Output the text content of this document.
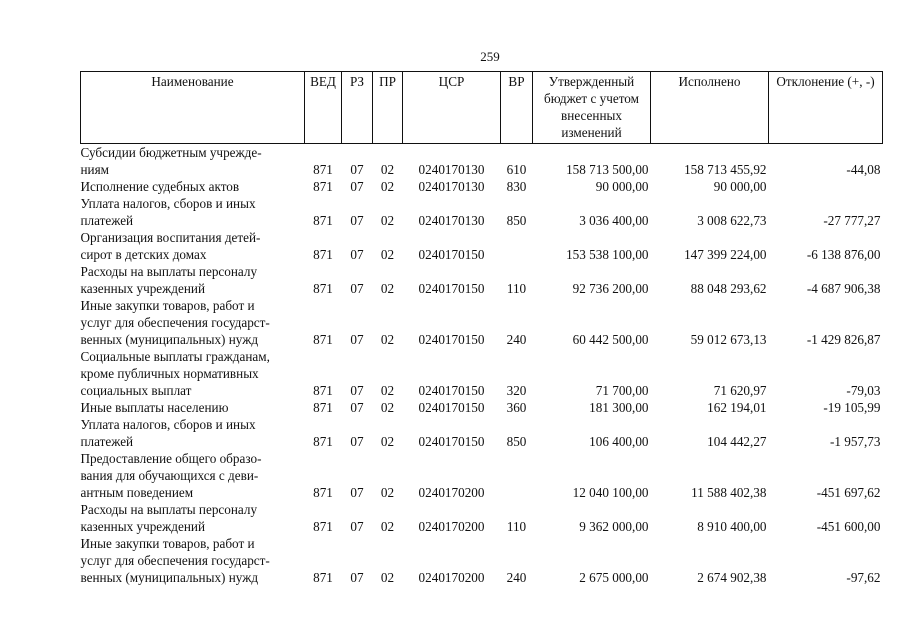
259
Наименование	ВЕД	РЗ	ПР	ЦСР	ВР	Утвержденный бюджет с учетом внесенных изменений	Исполнено	Отклонение (+, -)

Субсидии бюджетным учрежде-
ниям	871	07	02	0240170130	610	158 713 500,00	158 713 455,92	-44,08

Исполнение судебных актов	871	07	02	0240170130	830	90 000,00	90 000,00	

Уплата налогов, сборов и иных
платежей	871	07	02	0240170130	850	3 036 400,00	3 008 622,73	-27 777,27

Организация воспитания детей-
сирот в детских домах	871	07	02	0240170150		153 538 100,00	147 399 224,00	-6 138 876,00

Расходы на выплаты персоналу
казенных учреждений	871	07	02	0240170150	110	92 736 200,00	88 048 293,62	-4 687 906,38

Иные закупки товаров, работ и
услуг для обеспечения государст-
венных (муниципальных) нужд	871	07	02	0240170150	240	60 442 500,00	59 012 673,13	-1 429 826,87

Социальные выплаты гражданам,
кроме публичных нормативных
социальных выплат	871	07	02	0240170150	320	71 700,00	71 620,97	-79,03

Иные выплаты населению	871	07	02	0240170150	360	181 300,00	162 194,01	-19 105,99

Уплата налогов, сборов и иных
платежей	871	07	02	0240170150	850	106 400,00	104 442,27	-1 957,73

Предоставление общего образо-
вания для обучающихся с деви-
антным поведением	871	07	02	0240170200		12 040 100,00	11 588 402,38	-451 697,62

Расходы на выплаты персоналу
казенных учреждений	871	07	02	0240170200	110	9 362 000,00	8 910 400,00	-451 600,00

Иные закупки товаров, работ и
услуг для обеспечения государст-
венных (муниципальных) нужд	871	07	02	0240170200	240	2 675 000,00	2 674 902,38	-97,62
